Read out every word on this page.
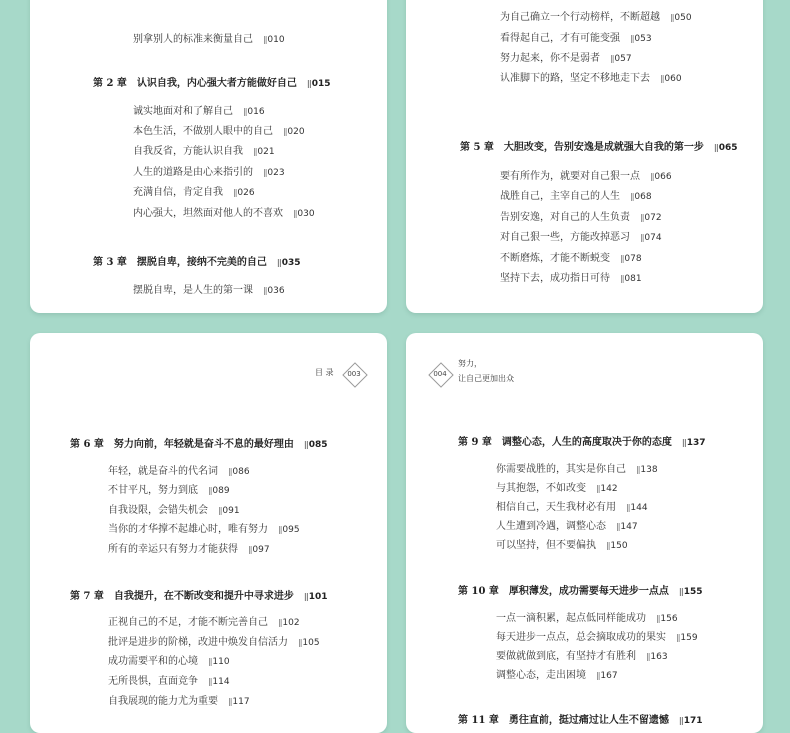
别拿别人的标准来衡量自己 ||010
第 2 章　认识自我，内心强大者方能做好自己 ||015
诚实地面对和了解自己 ||016
本色生活，不做别人眼中的自己 ||020
自我反省，方能认识自我 ||021
人生的道路是由心来指引的 ||023
充满自信，肯定自我 ||026
内心强大，坦然面对他人的不喜欢 ||030
第 3 章　摆脱自卑，接纳不完美的自己 ||035
摆脱自卑，是人生的第一课 ||036
为自己确立一个行动榜样，不断超越 ||050
看得起自己，才有可能变强 ||053
努力起来，你不是弱者 ||057
认准脚下的路，坚定不移地走下去 ||060
第 5 章　大胆改变，告别安逸是成就强大自我的第一步 ||065
要有所作为，就要对自己狠一点 ||066
战胜自己，主宰自己的人生 ||068
告别安逸，对自己的人生负责 ||072
对自己狠一些，方能改掉恶习 ||074
不断磨炼，才能不断蜕变 ||078
坚持下去，成功指日可待 ||081
目 录	003
第 6 章　努力向前，年轻就是奋斗不息的最好理由 ||085
年轻，就是奋斗的代名词 ||086
不甘平凡，努力到底 ||089
自我设限，会错失机会 ||091
当你的才华撑不起雄心时，唯有努力 ||095
所有的幸运只有努力才能获得 ||097
第 7 章　自我提升，在不断改变和提升中寻求进步 ||101
正视自己的不足，才能不断完善自己 ||102
批评是进步的阶梯，改进中焕发自信活力 ||105
成功需要平和的心境 ||110
无所畏惧，直面竞争 ||114
自我展现的能力尤为重要 ||117
004
努力，
让自己更加出众
第 9 章　调整心态，人生的高度取决于你的态度 ||137
你需要战胜的，其实是你自己 ||138
与其抱怨，不如改变 ||142
相信自己，天生我材必有用 ||144
人生遭到冷遇，调整心态 ||147
可以坚持，但不要偏执 ||150
第 10 章　厚积薄发，成功需要每天进步一点点 ||155
一点一滴积累，起点低同样能成功 ||156
每天进步一点点，总会摘取成功的果实 ||159
要做就做到底，有坚持才有胜利 ||163
调整心态，走出困境 ||167
第 11 章　勇往直前，挺过痛过让人生不留遗憾 ||171
